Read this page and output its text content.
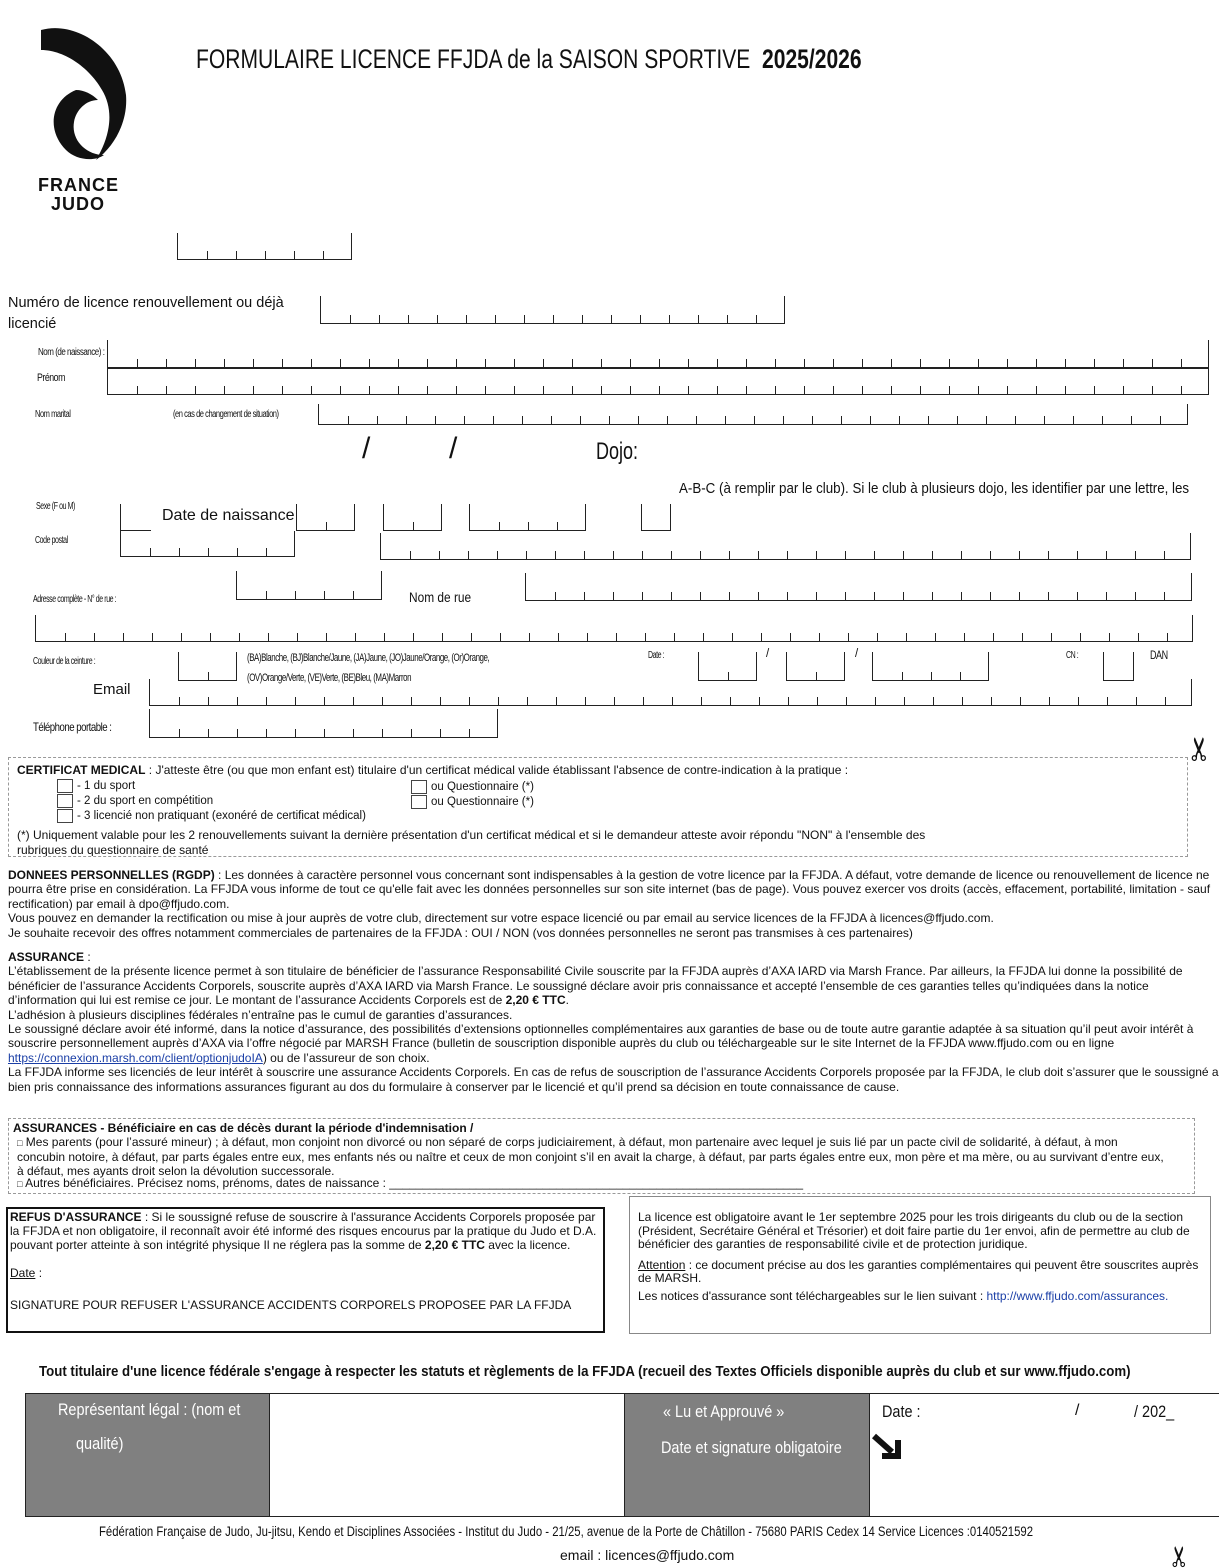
FRANCE
JUDO
FORMULAIRE LICENCE FFJDA de la SAISON SPORTIVE 2025/2026
Numéro de licence renouvellement ou déjà licencié
Nom (de naissance) :
Prénom
Nom marital	(en cas de changement de situation)
/	/	Dojo:
A-B-C (à remplir par le club). Si le club à plusieurs dojo, les identifier par une lettre, les
Sexe (F ou M)
Date de naissance
Code postal
Adresse complète - N° de rue :	Nom de rue
Couleur de la ceinture :	(BA)Blanche, (BJ)Blanche/Jaune, (JA)Jaune, (JO)Jaune/Orange, (Or)Orange,
(OV)Orange/Verte, (VE)Verte, (BE)Bleu, (MA)Marron
Date :	/	/	CN :	DAN
Email
Téléphone portable :
✂
✂
CERTIFICAT MEDICAL : J'atteste être (ou que mon enfant est) titulaire d'un certificat médical valide établissant l'absence de contre-indication à la pratique :
- 1 du sport
- 2 du sport en compétition
- 3 licencié non pratiquant (exonéré de certificat médical)
ou Questionnaire (*)
ou Questionnaire (*)
(*) Uniquement valable pour les 2 renouvellements suivant la dernière présentation d'un certificat médical et si le demandeur atteste avoir répondu "NON" à l'ensemble des rubriques du questionnaire de santé
DONNEES PERSONNELLES (RGDP) : Les données à caractère personnel vous concernant sont indispensables à la gestion de votre licence par la FFJDA. A défaut, votre demande de licence ou renouvellement de licence ne pourra être prise en considération. La FFJDA vous informe de tout ce qu'elle fait avec les données personnelles sur son site internet (bas de page). Vous pouvez exercer vos droits (accès, effacement, portabilité, limitation - sauf rectification) par email à dpo@ffjudo.com.
Vous pouvez en demander la rectification ou mise à jour auprès de votre club, directement sur votre espace licencié ou par email au service licences de la FFJDA à licences@ffjudo.com.
Je souhaite recevoir des offres notamment commerciales de partenaires de la FFJDA : OUI / NON (vos données personnelles ne seront pas transmises à ces partenaires)
ASSURANCE :
L’établissement de la présente licence permet à son titulaire de bénéficier de l’assurance Responsabilité Civile souscrite par la FFJDA auprès d’AXA IARD via Marsh France. Par ailleurs, la FFJDA lui donne la possibilité de bénéficier de l’assurance Accidents Corporels, souscrite auprès d’AXA IARD via Marsh France. Le soussigné déclare avoir pris connaissance et accepté l’ensemble de ces garanties telles qu’indiquées dans la notice d’information qui lui est remise ce jour. Le montant de l’assurance Accidents Corporels est de 2,20 € TTC.
L’adhésion à plusieurs disciplines fédérales n’entraîne pas le cumul de garanties d’assurances.
Le soussigné déclare avoir été informé, dans la notice d’assurance, des possibilités d’extensions optionnelles complémentaires aux garanties de base ou de toute autre garantie adaptée à sa situation qu’il peut avoir intérêt à souscrire personnellement auprès d’AXA via l’offre négocié par MARSH France (bulletin de souscription disponible auprès du club ou téléchargeable sur le site Internet de la FFJDA www.ffjudo.com ou en ligne https://connexion.marsh.com/client/optionjudoIA) ou de l’assureur de son choix.
La FFJDA informe ses licenciés de leur intérêt à souscrire une assurance Accidents Corporels. En cas de refus de souscription de l’assurance Accidents Corporels proposée par la FFJDA, le club doit s’assurer que le soussigné a bien pris connaissance des informations assurances figurant au dos du formulaire à conserver par le licencié et qu’il prend sa décision en toute connaissance de cause.
ASSURANCES - Bénéficiaire en cas de décès durant la période d'indemnisation /
□ Mes parents (pour l’assuré mineur) ; à défaut, mon conjoint non divorcé ou non séparé de corps judiciairement, à défaut, mon partenaire avec lequel je suis lié par un pacte civil de solidarité, à défaut, à mon concubin notoire, à défaut, par parts égales entre eux, mes enfants nés ou naître et ceux de mon conjoint s’il en avait la charge, à défaut, par parts égales entre eux, mon père et ma mère, ou au survivant d’entre eux, à défaut, mes ayants droit selon la dévolution successorale.
□ Autres bénéficiaires. Précisez noms, prénoms, dates de naissance : ______________________________________________________________
REFUS D'ASSURANCE : Si le soussigné refuse de souscrire à l'assurance Accidents Corporels proposée par la FFJDA et non obligatoire, il reconnaît avoir été informé des risques encourus par la pratique du Judo et D.A. pouvant porter atteinte à son intégrité physique Il ne réglera pas la somme de 2,20 € TTC avec la licence.
Date :
SIGNATURE POUR REFUSER L'ASSURANCE ACCIDENTS CORPORELS PROPOSEE PAR LA FFJDA
La licence est obligatoire avant le 1er septembre 2025 pour les trois dirigeants du club ou de la section (Président, Secrétaire Général et Trésorier) et doit faire partie du 1er envoi, afin de permettre au club de bénéficier des garanties de responsabilité civile et de protection juridique.
Attention : ce document précise au dos les garanties complémentaires qui peuvent être souscrites auprès de MARSH.
Les notices d'assurance sont téléchargeables sur le lien suivant : http://www.ffjudo.com/assurances.
Tout titulaire d'une licence fédérale s'engage à respecter les statuts et règlements de la FFJDA (recueil des Textes Officiels disponible auprès du club et sur www.ffjudo.com)
Représentant légal : (nom et
qualité)
« Lu et Approuvé »
Date et signature obligatoire
Date :	/	/ 202_
Fédération Française de Judo, Ju-jitsu, Kendo et Disciplines Associées - Institut du Judo - 21/25, avenue de la Porte de Châtillon - 75680 PARIS Cedex 14 Service Licences :0140521592
email : licences@ffjudo.com
